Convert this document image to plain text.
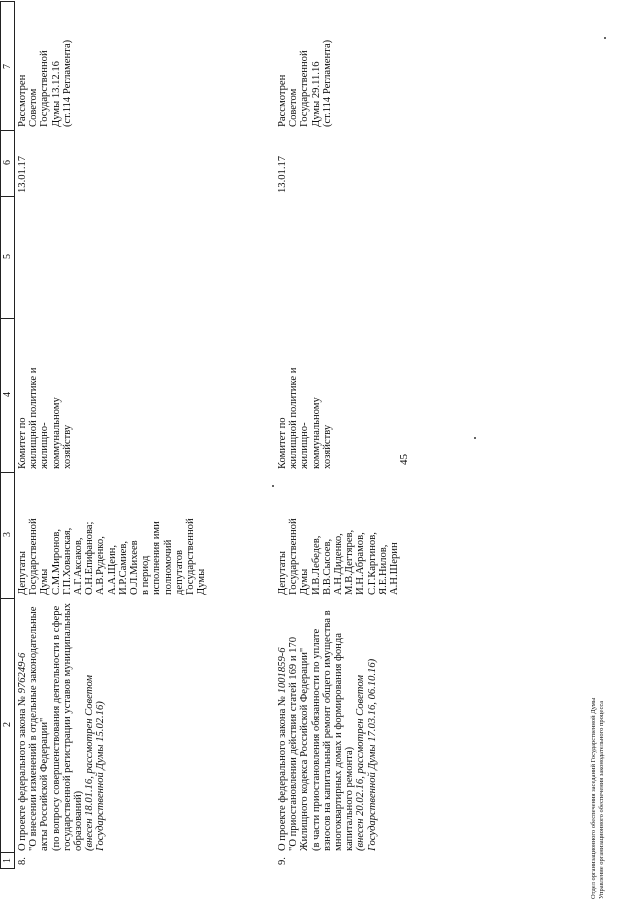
45
1
2
3
4
5
6
7
8.
О проекте федерального закона № 976249-6
"О внесении изменений в отдельные законодательные акты Российской Федерации"
(по вопросу совершенствования деятельности в сфере государственной регистрации уставов муниципальных образований)
(внесен 18.01.16, рассмотрен Советом Государственной Думы 15.02.16)
Депутаты
Государственной
Думы
С.М.Миронов,
Г.П.Хованская,
А.Г.Аксаков,
О.Н.Епифанова;
А.В.Руденко,
А.А.Щеин,
И.Р.Самиев,
О.Л.Михеев
в период
исполнения ими
полномочий
депутатов
Государственной
Думы
Комитет по
жилищной политике и
жилищно-
коммунальному
хозяйству
13.01.17
Рассмотрен
Советом
Государственной
Думы 13.12.16
(ст.114 Регламента)
9.
О проекте федерального закона № 1001859-6
"О приостановлении действия статей 169 и 170 Жилищного кодекса Российской Федерации"
(в части приостановления обязанности по уплате взносов на капитальный ремонт общего имущества в многоквартирных домах и формирования фонда капитального ремонта)
(внесен 20.02.16, рассмотрен Советом Государственной Думы 17.03.16, 06.10.16)
Депутаты
Государственной
Думы
И.В.Лебедев,
В.В.Сысоев,
А.Н.Диденко,
М.В.Дегтярев,
И.Н.Абрамов,
С.Г.Каргинов,
Я.Е.Нилов,
А.Н.Шерин
Комитет по
жилищной политике и
жилищно-
коммунальному
хозяйству
13.01.17
Рассмотрен
Советом
Государственной
Думы 29.11.16
(ст.114 Регламента)
Отдел организационного обеспечения заседаний Государственной Думы
Управление организационного обеспечения законодательного процесса
